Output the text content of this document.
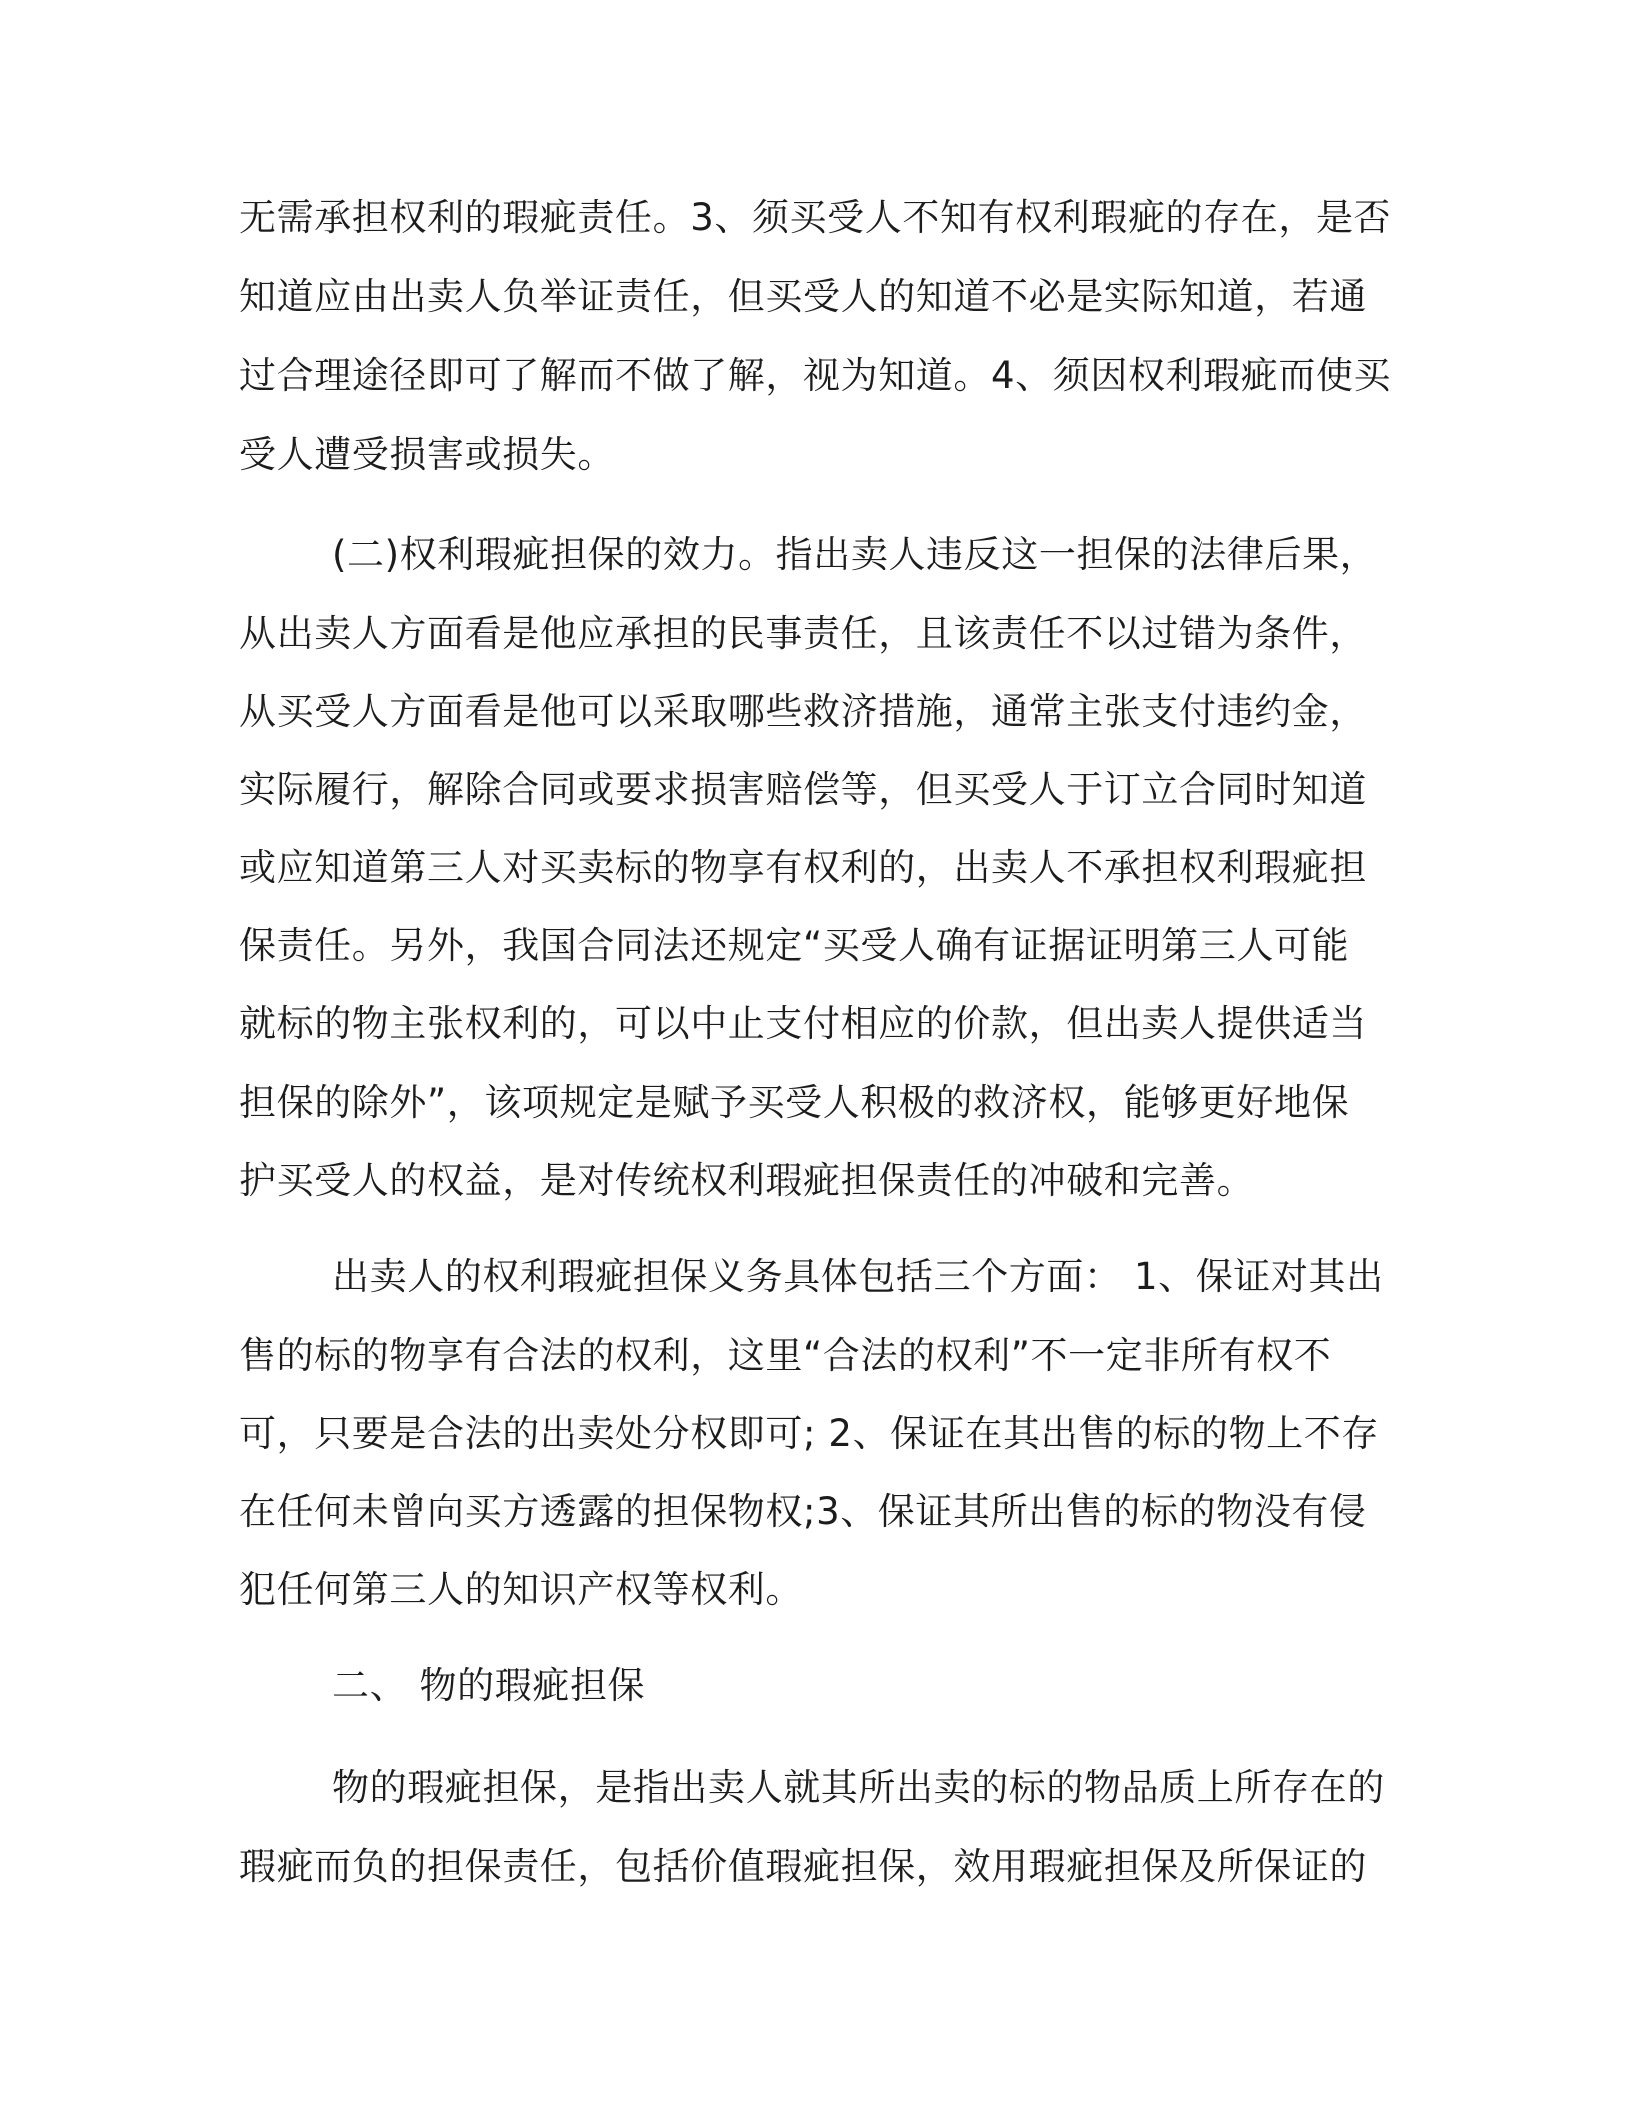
无需承担权利的瑕疵责任。3、须买受人不知有权利瑕疵的存在，是否
知道应由出卖人负举证责任，但买受人的知道不必是实际知道，若通
过合理途径即可了解而不做了解，视为知道。4、须因权利瑕疵而使买
受人遭受损害或损失。
(二)权利瑕疵担保的效力。指出卖人违反这一担保的法律后果，
从出卖人方面看是他应承担的民事责任，且该责任不以过错为条件，
从买受人方面看是他可以采取哪些救济措施，通常主张支付违约金，
实际履行，解除合同或要求损害赔偿等，但买受人于订立合同时知道
或应知道第三人对买卖标的物享有权利的，出卖人不承担权利瑕疵担
保责任。另外，我国合同法还规定“买受人确有证据证明第三人可能
就标的物主张权利的，可以中止支付相应的价款，但出卖人提供适当
担保的除外”，该项规定是赋予买受人积极的救济权，能够更好地保
护买受人的权益，是对传统权利瑕疵担保责任的冲破和完善。
出卖人的权利瑕疵担保义务具体包括三个方面： 1、保证对其出
售的标的物享有合法的权利，这里“合法的权利”不一定非所有权不
可，只要是合法的出卖处分权即可; 2、保证在其出售的标的物上不存
在任何未曾向买方透露的担保物权;3、保证其所出售的标的物没有侵
犯任何第三人的知识产权等权利。
二、 物的瑕疵担保
物的瑕疵担保，是指出卖人就其所出卖的标的物品质上所存在的
瑕疵而负的担保责任，包括价值瑕疵担保，效用瑕疵担保及所保证的
